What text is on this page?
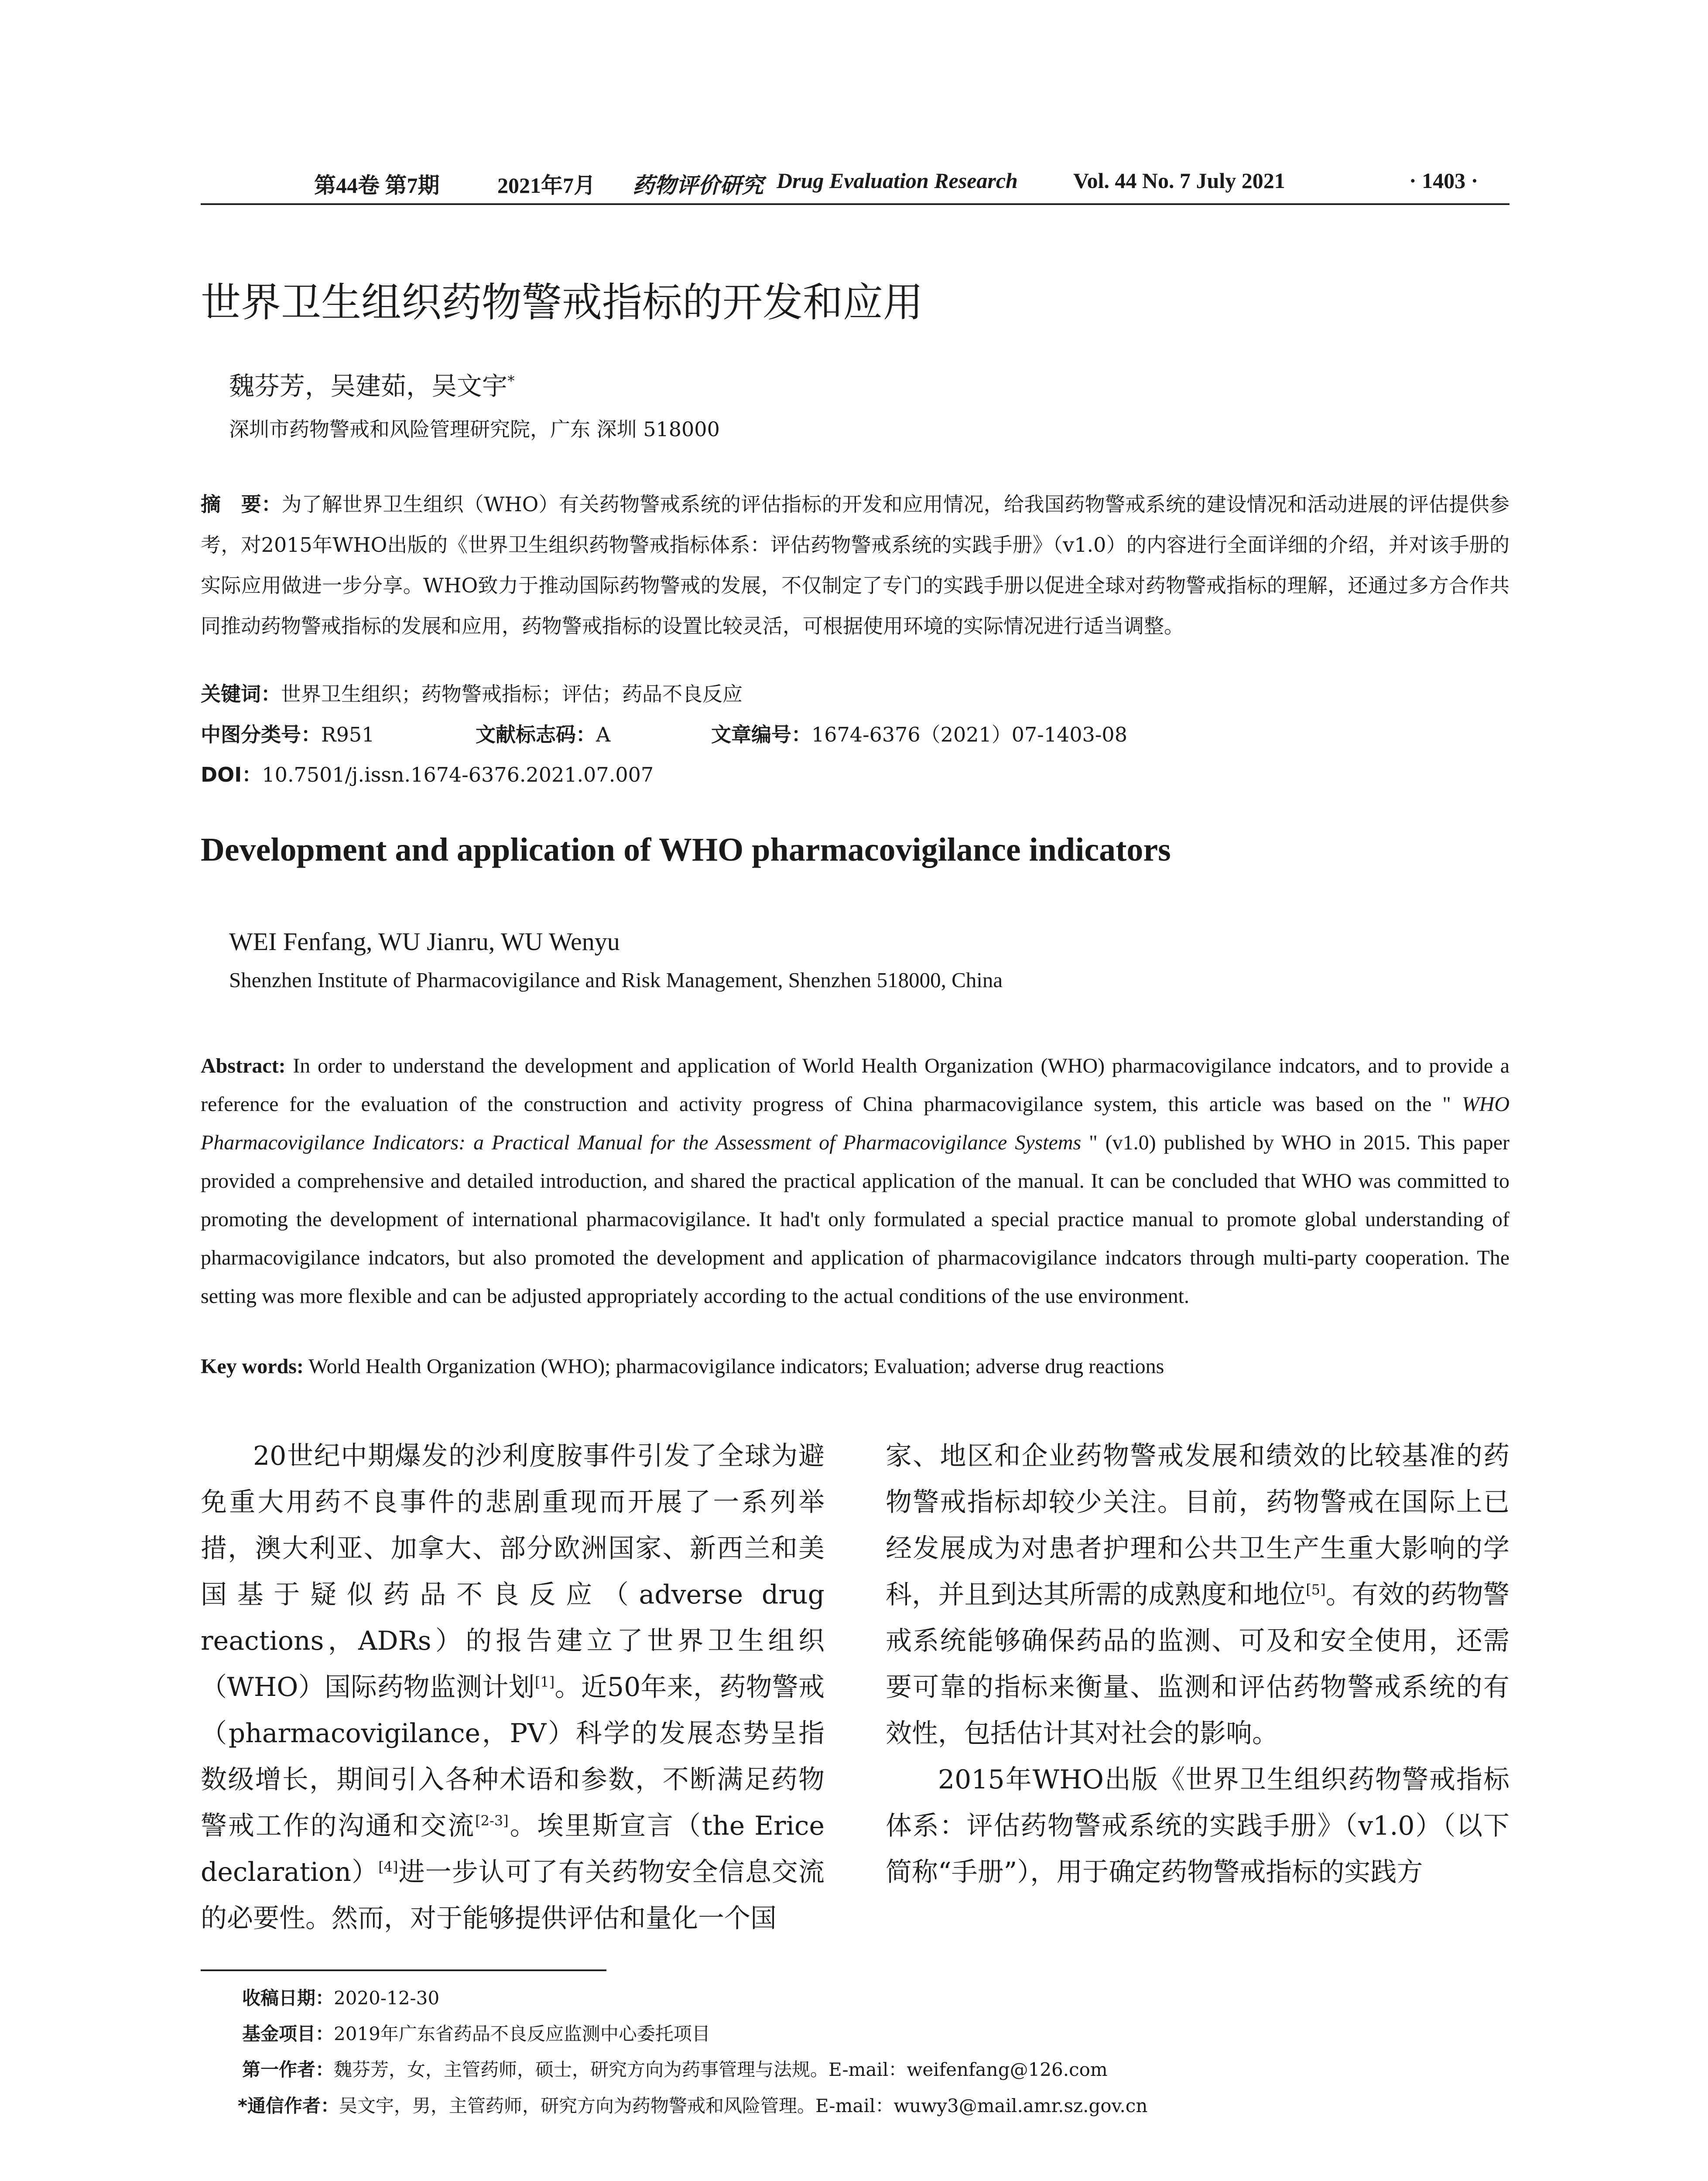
第44卷 第7期	2021年7月 药物评价研究 Drug Evaluation Research	Vol. 44 No. 7 July 2021	· 1403 ·
世界卫生组织药物警戒指标的开发和应用
魏芬芳，吴建茹，吴文宇*
深圳市药物警戒和风险管理研究院，广东 深圳 518000
摘　要：为了解世界卫生组织（WHO）有关药物警戒系统的评估指标的开发和应用情况，给我国药物警戒系统的建设情况和活动进展的评估提供参考，对2015年WHO出版的《世界卫生组织药物警戒指标体系：评估药物警戒系统的实践手册》（v1.0）的内容进行全面详细的介绍，并对该手册的实际应用做进一步分享。WHO致力于推动国际药物警戒的发展，不仅制定了专门的实践手册以促进全球对药物警戒指标的理解，还通过多方合作共同推动药物警戒指标的发展和应用，药物警戒指标的设置比较灵活，可根据使用环境的实际情况进行适当调整。
关键词：世界卫生组织；药物警戒指标；评估；药品不良反应
中图分类号：R951	文献标志码：A	文章编号：1674-6376（2021）07-1403-08
DOI：10.7501/j.issn.1674-6376.2021.07.007
Development and application of WHO pharmacovigilance indicators
WEI Fenfang, WU Jianru, WU Wenyu
Shenzhen Institute of Pharmacovigilance and Risk Management, Shenzhen 518000, China
Abstract: In order to understand the development and application of World Health Organization (WHO) pharmacovigilance indcators, and to provide a reference for the evaluation of the construction and activity progress of China pharmacovigilance system, this article was based on the " WHO Pharmacovigilance Indicators: a Practical Manual for the Assessment of Pharmacovigilance Systems " (v1.0) published by WHO in 2015. This paper provided a comprehensive and detailed introduction, and shared the practical application of the manual. It can be concluded that WHO was committed to promoting the development of international pharmacovigilance. It had't only formulated a special practice manual to promote global understanding of pharmacovigilance indcators, but also promoted the development and application of pharmacovigilance indcators through multi-party cooperation. The setting was more flexible and can be adjusted appropriately according to the actual conditions of the use environment.
Key words: World Health Organization (WHO); pharmacovigilance indicators; Evaluation; adverse drug reactions

20世纪中期爆发的沙利度胺事件引发了全球为避免重大用药不良事件的悲剧重现而开展了一系列举措，澳大利亚、加拿大、部分欧洲国家、新西兰和美国基于疑似药品不良反应（adverse drug reactions，ADRs）的报告建立了世界卫生组织（WHO）国际药物监测计划[1]。近50年来，药物警戒（pharmacovigilance，PV）科学的发展态势呈指数级增长，期间引入各种术语和参数，不断满足药物警戒工作的沟通和交流[2-3]。埃里斯宣言（the Erice declaration）[4]进一步认可了有关药物安全信息交流的必要性。然而，对于能够提供评估和量化一个国

家、地区和企业药物警戒发展和绩效的比较基准的药物警戒指标却较少关注。目前，药物警戒在国际上已经发展成为对患者护理和公共卫生产生重大影响的学科，并且到达其所需的成熟度和地位[5]。有效的药物警戒系统能够确保药品的监测、可及和安全使用，还需要可靠的指标来衡量、监测和评估药物警戒系统的有效性，包括估计其对社会的影响。

2015年WHO出版《世界卫生组织药物警戒指标体系：评估药物警戒系统的实践手册》（v1.0）（以下简称“手册”），用于确定药物警戒指标的实践方

收稿日期：2020-12-30
基金项目：2019年广东省药品不良反应监测中心委托项目
第一作者：魏芬芳，女，主管药师，硕士，研究方向为药事管理与法规。E-mail：weifenfang@126.com
*通信作者：吴文宇，男，主管药师，研究方向为药物警戒和风险管理。E-mail：wuwy3@mail.amr.sz.gov.cn
